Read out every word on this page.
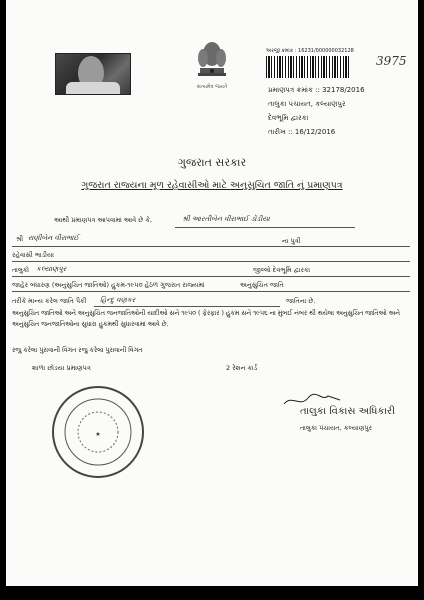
સત્યમેવ જયતે
અરજી ક્રમાંક : 16231/000000032128
3975
પ્રમાણપત્ર ક્રમાંક :: 32178/2016
તાલુકા પંચાયત, કલ્યાણપુર
દેવભૂમિ દ્વારકા
તારીખ :: 16/12/2016
ગુજરાત સરકાર
ગુજરાત રાજ્યના મૂળ રહેવાસીઓ માટે અનુસુચિત જાતિ નું પ્રમાણપત્ર
આથી પ્રમાણપત્ર આપવામાં આવે છે કે,	શ્રી આરતીબેન વીરાભાઈ ડોંડીયા
શ્રી રાણીબેન વીરાભાઈ	ના પુત્રી
રહેવાસી ભાડીયા
તાલુકો કલ્યાણપુર	જીલ્લો દેવભૂમિ દ્વારકા
જાહેર બંધારણ (અનુસુચિત જાતિઓ) હુકમ-૧૯૫૦ હેઠળ ગુજરાત રાજ્યમાં	અનુસુચિત જાતિ
તરીકે માન્ય કરેલ જાતિ પૈકી હિન્દુ વણકર	જાતિના છે.
અનુસુચિત જાતિઓ અને અનુસુચિત જનજાતિઓની યાદીઓ સને ૧૯૫૦ ( ફેરફાર ) હુકમ સને ૧૯૫૬ ના મુંબઈ નંબર થી થયેલા અનુસુચિત જાતિઓ અને અનુસુચિત જનજાતિઓના સુધારા હુકમથી સુધારવામાં આવે છે.
રજુ કરેલા પુરાવાની વિગત રજુ કરેલા પુરાવાની વિગત
શાળા છોડયા પ્રમાણપત્ર	2 રેશન કાર્ડ
★
તાલુકા વિકાસ અધિકારી
તાલુકા પંચાયત, કલ્યાણપુર
